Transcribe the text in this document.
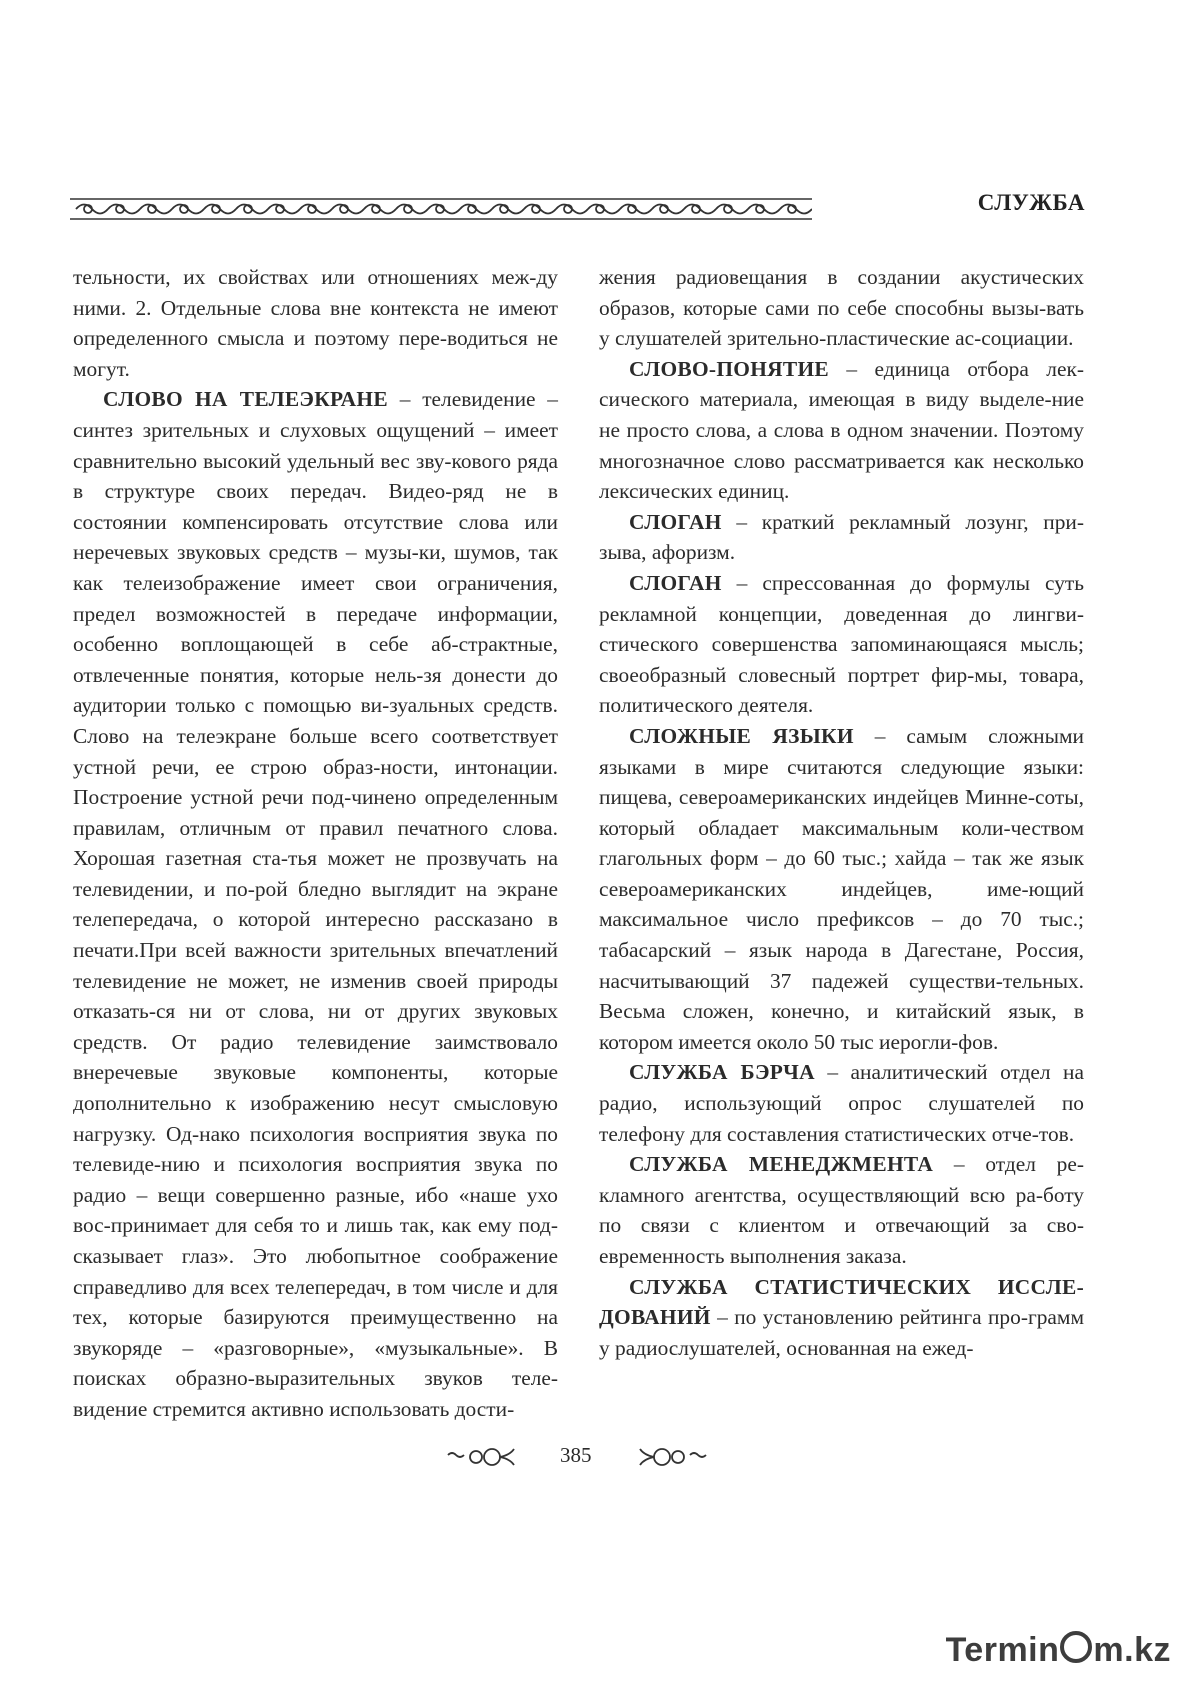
СЛУЖБА

тельности, их свойствах или отношениях меж-ду ними. 2. Отдельные слова вне контекста не имеют определенного смысла и поэтому пере-водиться не могут.

СЛОВО НА ТЕЛЕЭКРАНЕ – телевидение – синтез зрительных и слуховых ощущений – имеет сравнительно высокий удельный вес зву-кового ряда в структуре своих передач. Видео-ряд не в состоянии компенсировать отсутствие слова или неречевых звуковых средств – музы-ки, шумов, так как телеизображение имеет свои ограничения, предел возможностей в передаче информации, особенно воплощающей в себе аб-страктные, отвлеченные понятия, которые нель-зя донести до аудитории только с помощью ви-зуальных средств. Слово на телеэкране больше всего соответствует устной речи, ее строю образ-ности, интонации. Построение устной речи под-чинено определенным правилам, отличным от правил печатного слова. Хорошая газетная ста-тья может не прозвучать на телевидении, и по-рой бледно выглядит на экране телепередача, о которой интересно рассказано в печати.При всей важности зрительных впечатлений телевидение не может, не изменив своей природы отказать-ся ни от слова, ни от других звуковых средств. От радио телевидение заимствовало внеречевые звуковые компоненты, которые дополнительно к изображению несут смысловую нагрузку. Од-нако психология восприятия звука по телевиде-нию и психология восприятия звука по радио – вещи совершенно разные, ибо «наше ухо вос-принимает для себя то и лишь так, как ему под-сказывает глаз». Это любопытное соображение справедливо для всех телепередач, в том числе и для тех, которые базируются преимущественно на звукоряде – «разговорные», «музыкальные». В поисках образно-выразительных звуков теле-видение стремится активно использовать дости-

жения радиовещания в создании акустических образов, которые сами по себе способны вызы-вать у слушателей зрительно-пластические ас-социации.

СЛОВО-ПОНЯТИЕ – единица отбора лек-сического материала, имеющая в виду выделе-ние не просто слова, а слова в одном значении. Поэтому многозначное слово рассматривается как несколько лексических единиц.

СЛОГАН – краткий рекламный лозунг, при-зыва, афоризм.

СЛОГАН – спрессованная до формулы суть рекламной концепции, доведенная до лингви-стического совершенства запоминающаяся мысль; своеобразный словесный портрет фир-мы, товара, политического деятеля.

СЛОЖНЫЕ ЯЗЫКИ – самым сложными языками в мире считаются следующие языки: пищева, североамериканских индейцев Минне-соты, который обладает максимальным коли-чеством глагольных форм – до 60 тыс.; хайда – так же язык североамериканских индейцев, име-ющий максимальное число префиксов – до 70 тыс.; табасарский – язык народа в Дагестане, Россия, насчитывающий 37 падежей существи-тельных. Весьма сложен, конечно, и китайский язык, в котором имеется около 50 тыс иерогли-фов.

СЛУЖБА БЭРЧА – аналитический отдел на радио, использующий опрос слушателей по телефону для составления статистических отче-тов.

СЛУЖБА МЕНЕДЖМЕНТА – отдел ре-кламного агентства, осуществляющий всю ра-боту по связи с клиентом и отвечающий за сво-евременность выполнения заказа.

СЛУЖБА СТАТИСТИЧЕСКИХ ИССЛЕ-ДОВАНИЙ – по установлению рейтинга про-грамм у радиослушателей, основанная на ежед-

385
Termin m.kz
